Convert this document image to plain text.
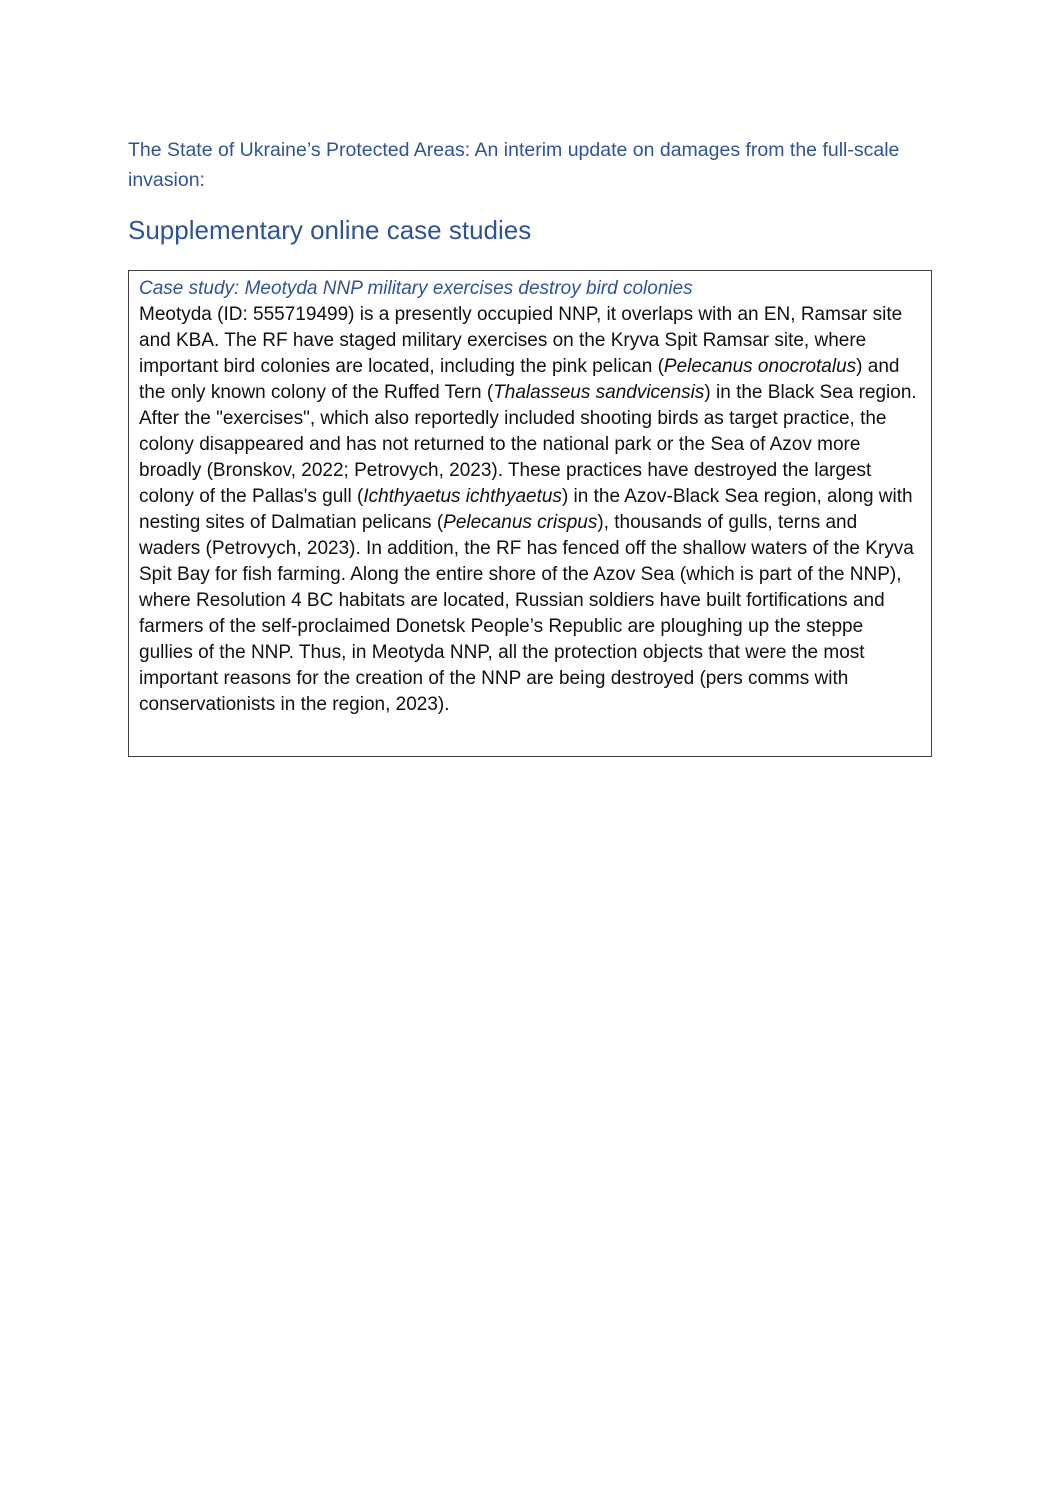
The State of Ukraine’s Protected Areas: An interim update on damages from the full-scale invasion:
Supplementary online case studies
Case study: Meotyda NNP military exercises destroy bird colonies

Meotyda (ID: 555719499) is a presently occupied NNP, it overlaps with an EN, Ramsar site and KBA. The RF have staged military exercises on the Kryva Spit Ramsar site, where important bird colonies are located, including the pink pelican (Pelecanus onocrotalus) and the only known colony of the Ruffed Tern (Thalasseus sandvicensis) in the Black Sea region. After the "exercises", which also reportedly included shooting birds as target practice, the colony disappeared and has not returned to the national park or the Sea of Azov more broadly (Bronskov, 2022; Petrovych, 2023). These practices have destroyed the largest colony of the Pallas's gull (Ichthyaetus ichthyaetus) in the Azov-Black Sea region, along with nesting sites of Dalmatian pelicans (Pelecanus crispus), thousands of gulls, terns and waders (Petrovych, 2023). In addition, the RF has fenced off the shallow waters of the Kryva Spit Bay for fish farming. Along the entire shore of the Azov Sea (which is part of the NNP), where Resolution 4 BC habitats are located, Russian soldiers have built fortifications and farmers of the self-proclaimed Donetsk People’s Republic are ploughing up the steppe gullies of the NNP. Thus, in Meotyda NNP, all the protection objects that were the most important reasons for the creation of the NNP are being destroyed (pers comms with conservationists in the region, 2023).
